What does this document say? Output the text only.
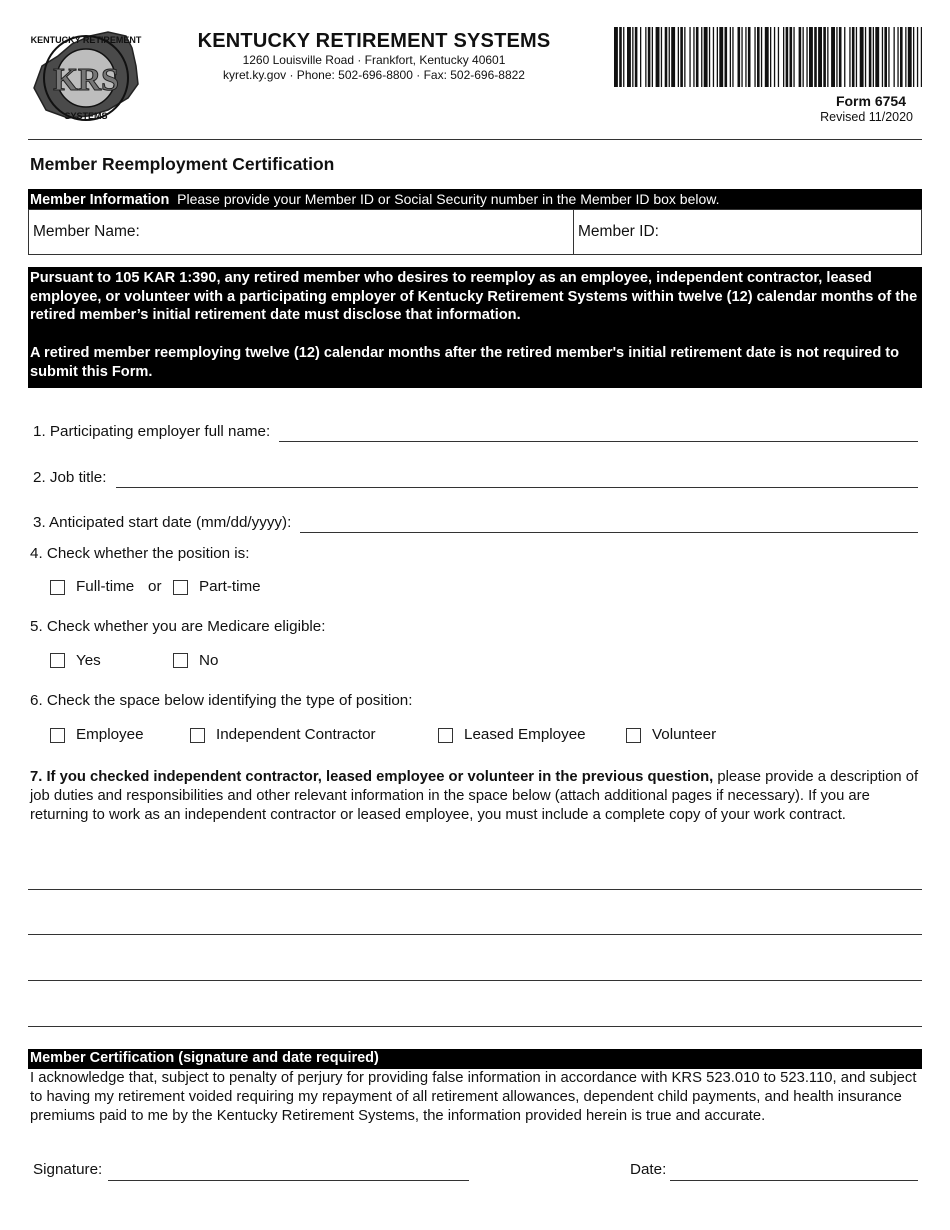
KRS
KENTUCKY RETIREMENT
SYSTEMS
KENTUCKY RETIREMENT SYSTEMS
1260 Louisville Road · Frankfort, Kentucky 40601
kyret.ky.gov · Phone: 502-696-8800 · Fax: 502-696-8822
Form 6754
Revised 11/2020
Member Reemployment Certification
Member Information Please provide your Member ID or Social Security number in the Member ID box below.
Member Name:	Member ID:

Pursuant to 105 KAR 1:390, any retired member who desires to reemploy as an employee, independent contractor, leased employee, or volunteer with a participating employer of Kentucky Retirement Systems within twelve (12) calendar months of the retired member’s initial retirement date must disclose that information.

A retired member reemploying twelve (12) calendar months after the retired member's initial retirement date is not required to submit this Form.

1. Participating employer full name:
2. Job title:
3. Anticipated start date (mm/dd/yyyy):
4. Check whether the position is:
Full-time or Part-time
5. Check whether you are Medicare eligible:
Yes	No
6. Check the space below identifying the type of position:
Employee	Independent Contractor	Leased Employee	Volunteer
7. If you checked independent contractor, leased employee or volunteer in the previous question, please provide a description of job duties and responsibilities and other relevant information in the space below (attach additional pages if necessary). If you are returning to work as an independent contractor or leased employee, you must include a complete copy of your work contract.
Member Certification (signature and date required)
I acknowledge that, subject to penalty of perjury for providing false information in accordance with KRS 523.010 to 523.110, and subject to having my retirement voided requiring my repayment of all retirement allowances, dependent child payments, and health insurance premiums paid to me by the Kentucky Retirement Systems, the information provided herein is true and accurate.
Signature:	Date:
